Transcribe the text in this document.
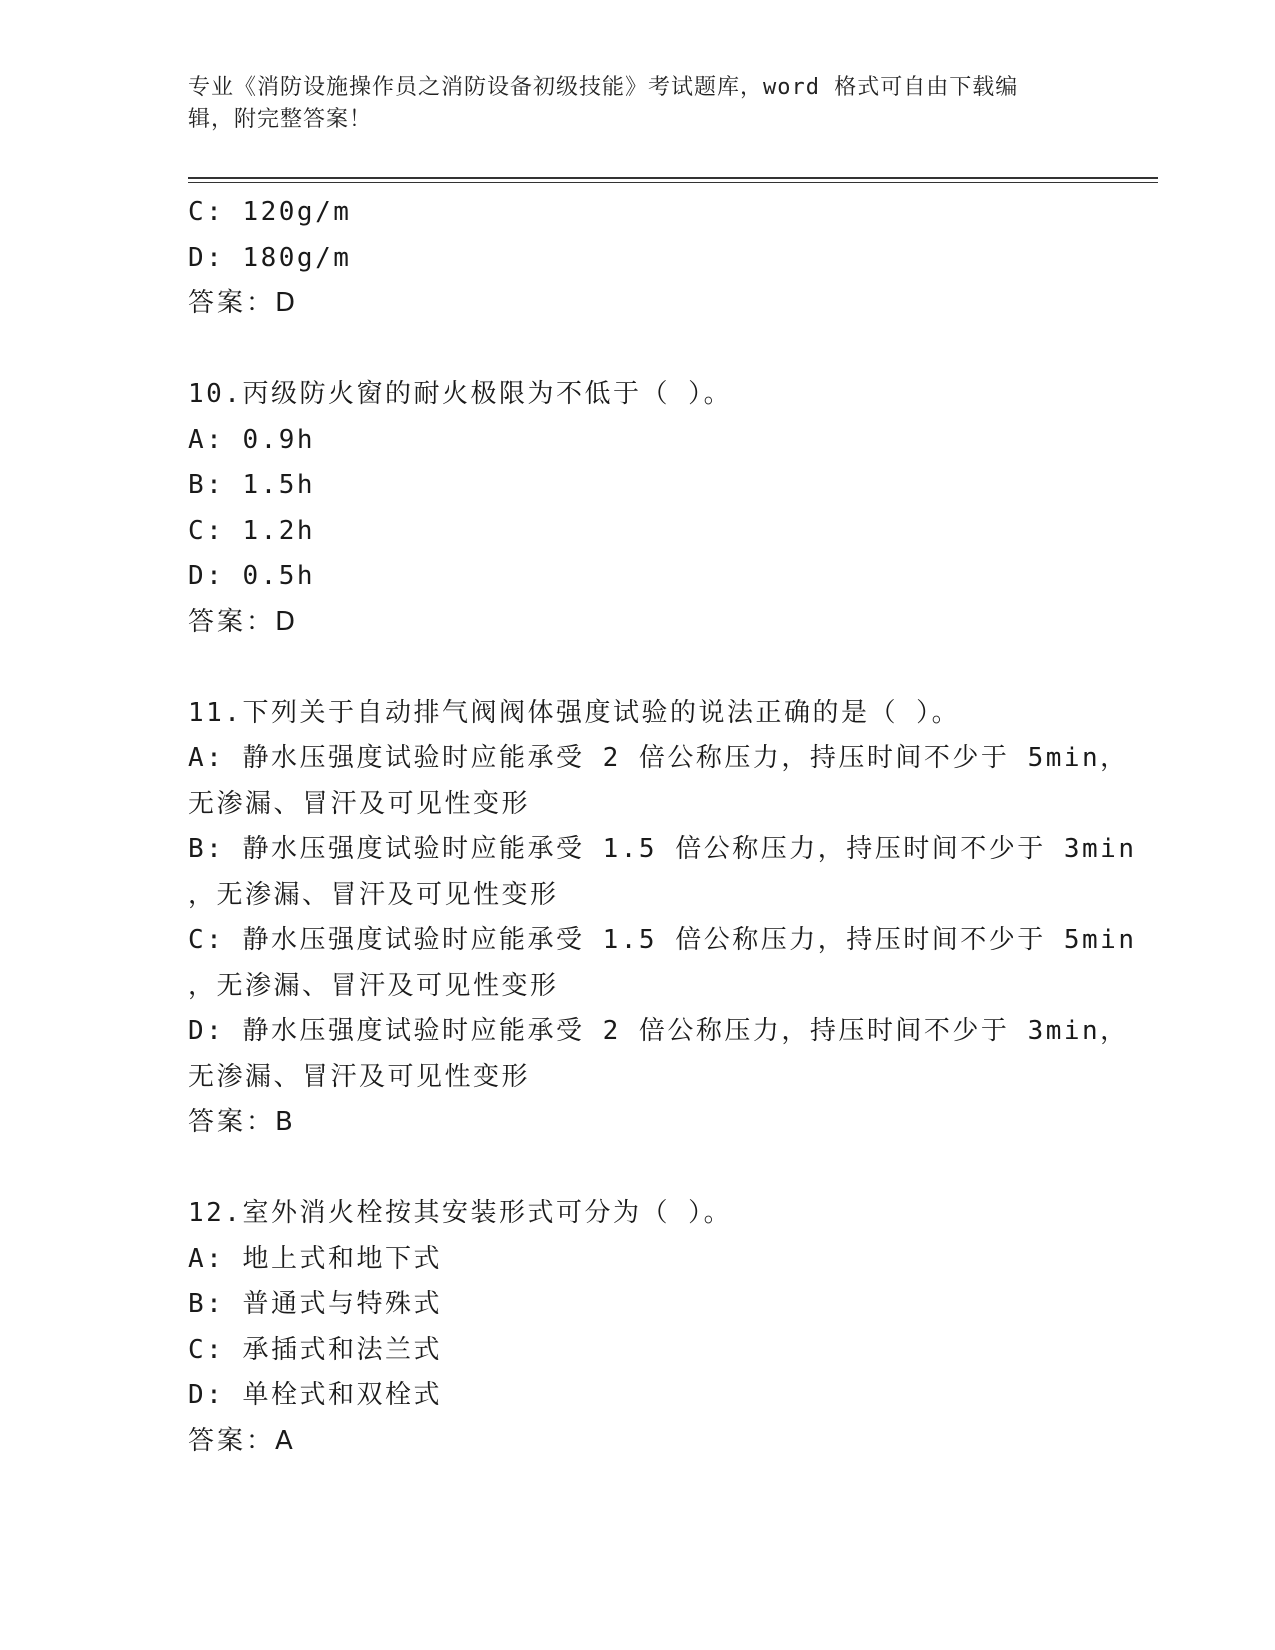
专业《消防设施操作员之消防设备初级技能》考试题库，word 格式可自由下载编
辑，附完整答案！
C: 120g/m
D: 180g/m
答案：D
10.丙级防火窗的耐火极限为不低于（ ）。
A: 0.9h
B: 1.5h
C: 1.2h
D: 0.5h
答案：D
11.下列关于自动排气阀阀体强度试验的说法正确的是（ ）。
A: 静水压强度试验时应能承受 2 倍公称压力，持压时间不少于 5min，
无渗漏、冒汗及可见性变形
B: 静水压强度试验时应能承受 1.5 倍公称压力，持压时间不少于 3min
，无渗漏、冒汗及可见性变形
C: 静水压强度试验时应能承受 1.5 倍公称压力，持压时间不少于 5min
，无渗漏、冒汗及可见性变形
D: 静水压强度试验时应能承受 2 倍公称压力，持压时间不少于 3min，
无渗漏、冒汗及可见性变形
答案：B
12.室外消火栓按其安装形式可分为（ ）。
A: 地上式和地下式
B: 普通式与特殊式
C: 承插式和法兰式
D: 单栓式和双栓式
答案：A
